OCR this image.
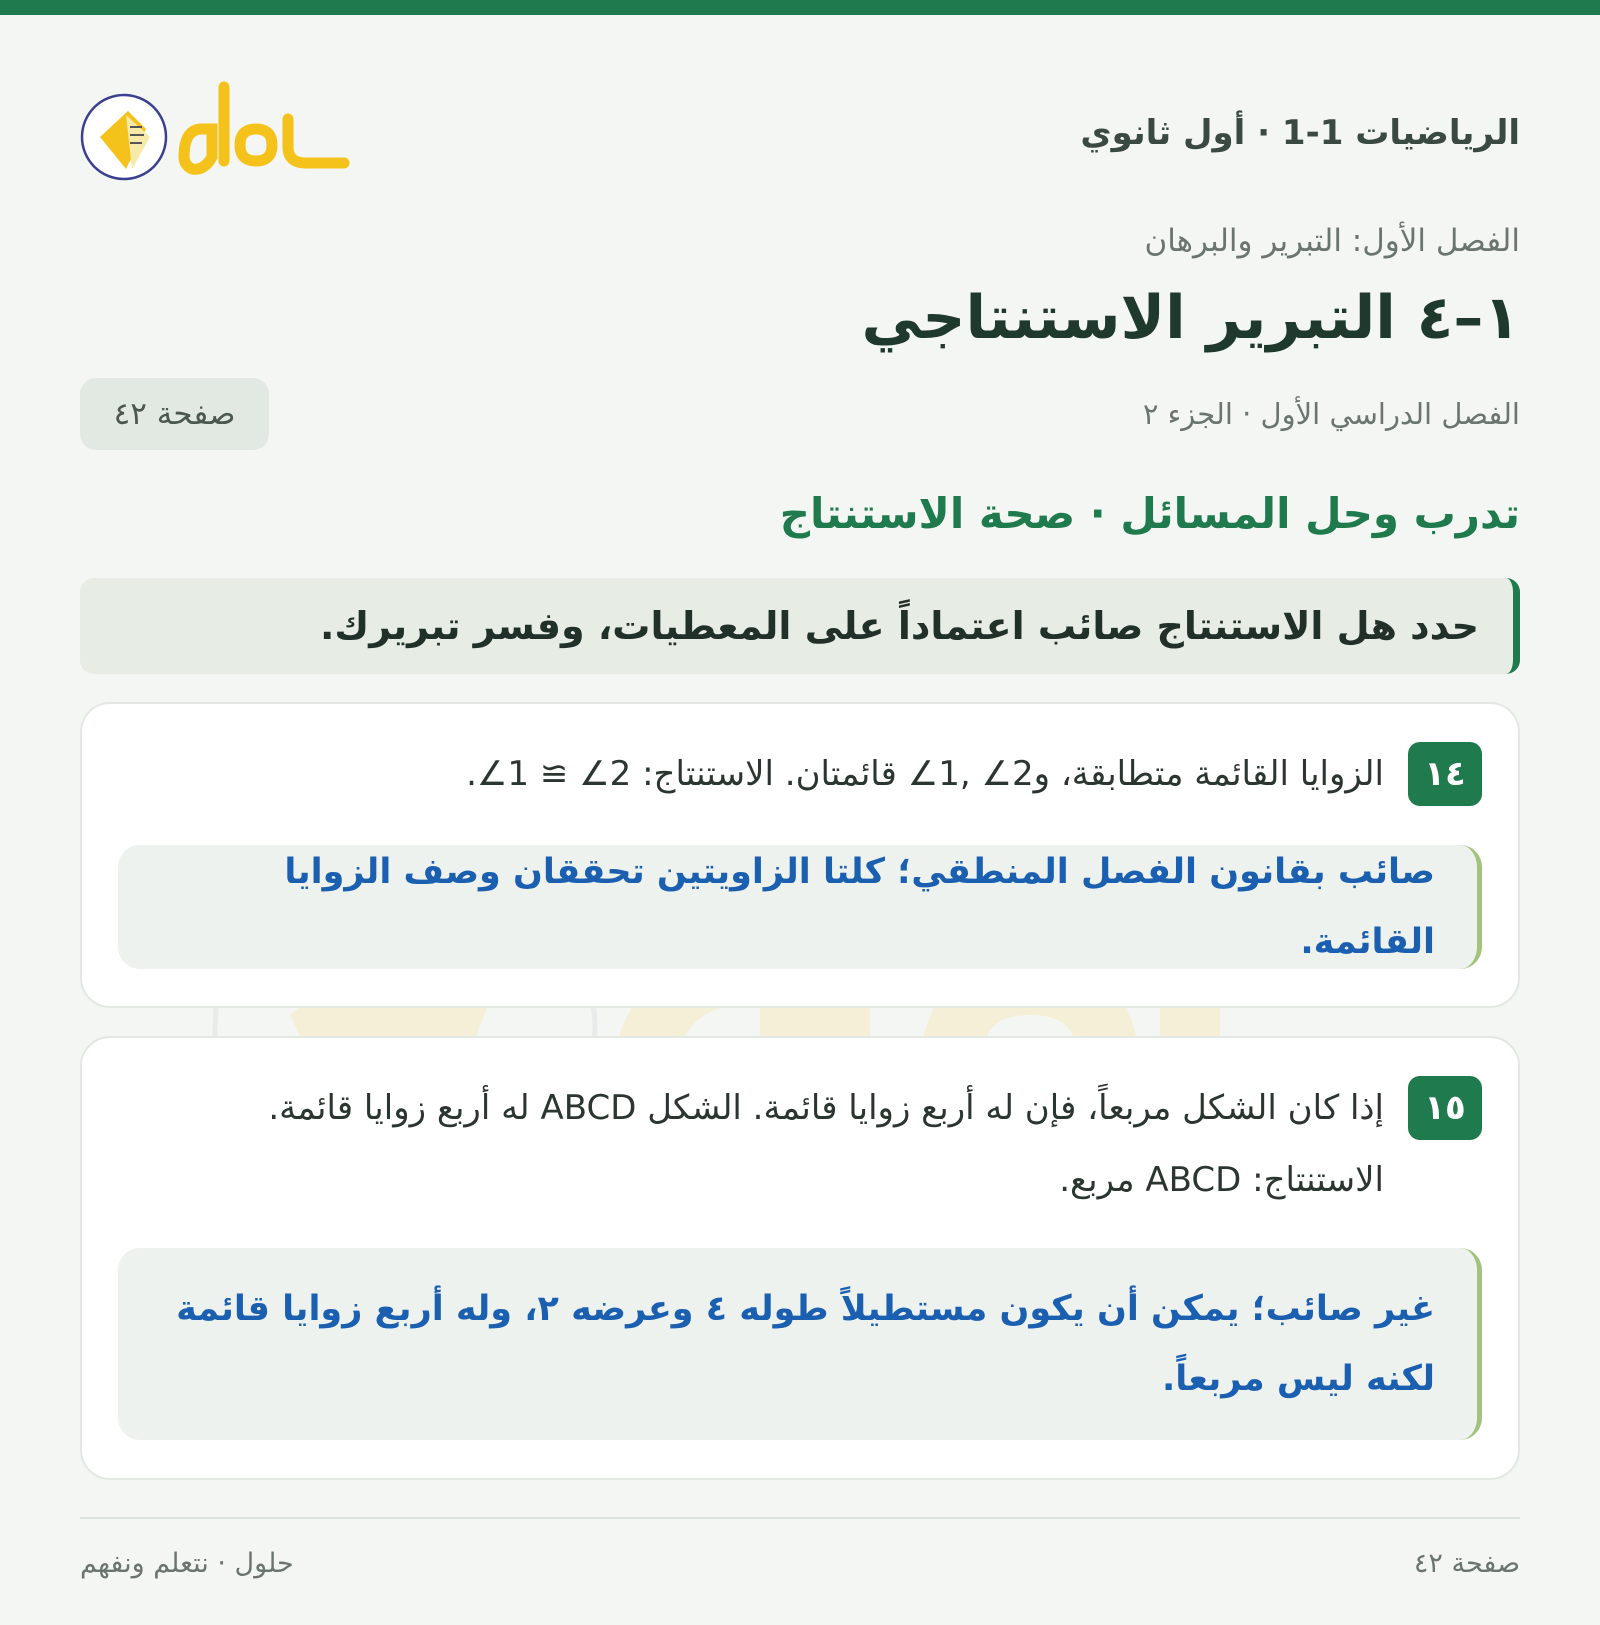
الرياضيات 1-1 · أول ثانوي
الفصل الأول: التبرير والبرهان
١–٤ التبرير الاستنتاجي
صفحة ٤٢	الفصل الدراسي الأول · الجزء ٢
تدرب وحل المسائل · صحة الاستنتاج
حدد هل الاستنتاج صائب اعتماداً على المعطيات، وفسر تبريرك.
١٤
الزوايا القائمة متطابقة، و2∠ ,1∠ قائمتان. الاستنتاج: 2∠ ≅ 1∠.
صائب بقانون الفصل المنطقي؛ كلتا الزاويتين تحققان وصف الزوايا القائمة.
١٥
إذا كان الشكل مربعاً، فإن له أربع زوايا قائمة. الشكل ABCD له أربع زوايا قائمة. الاستنتاج: ABCD مربع.
غير صائب؛ يمكن أن يكون مستطيلاً طوله ٤ وعرضه ٢، وله أربع زوايا قائمة لكنه ليس مربعاً.
صفحة ٤٢
حلول · نتعلم ونفهم
